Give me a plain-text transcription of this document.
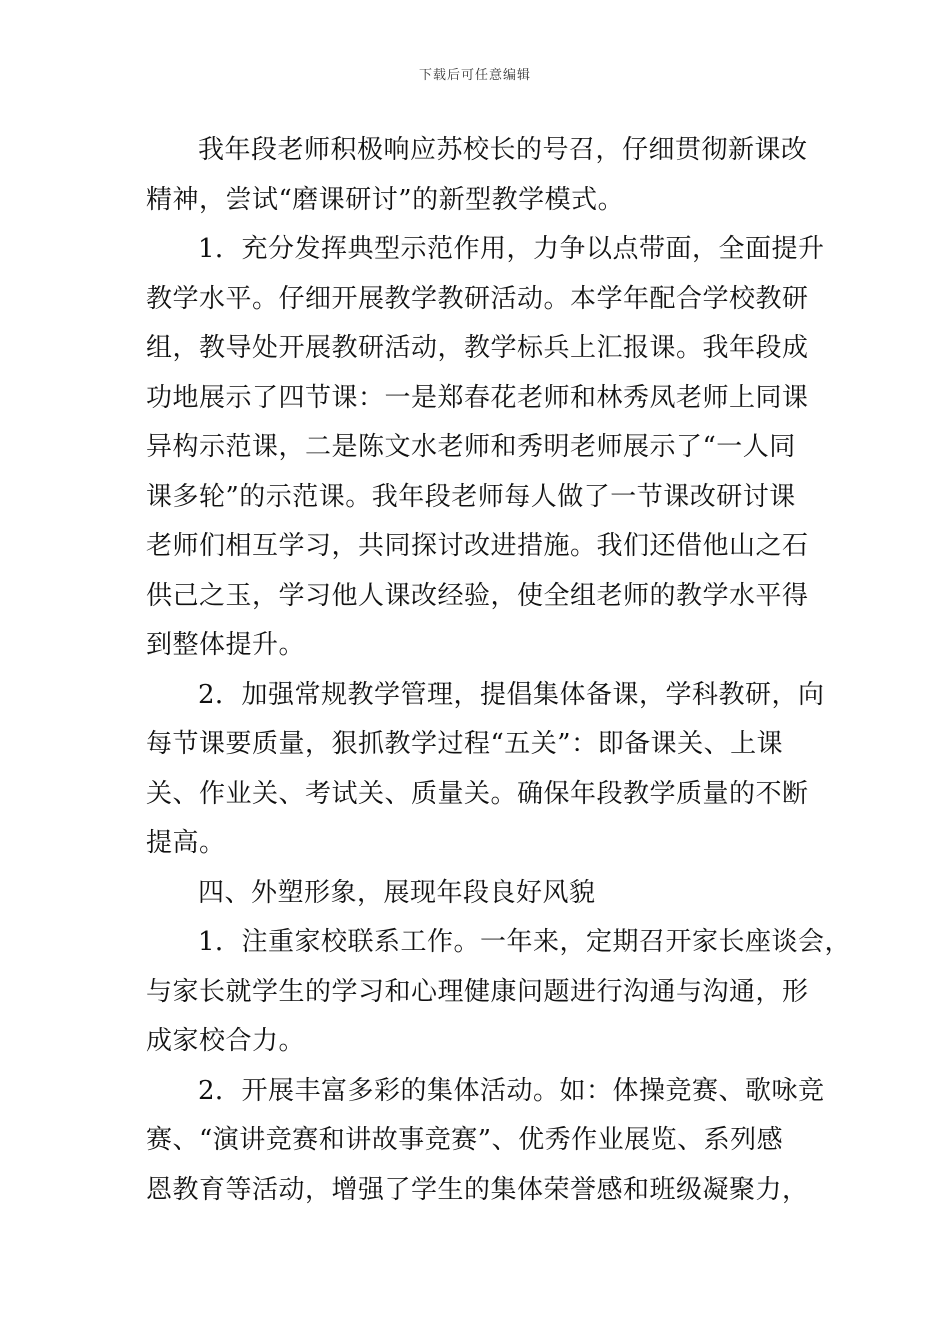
下载后可任意编辑
我年段老师积极响应苏校长的号召，仔细贯彻新课改
精神，尝试“磨课研讨”的新型教学模式。
1．充分发挥典型示范作用，力争以点带面，全面提升
教学水平。仔细开展教学教研活动。本学年配合学校教研
组，教导处开展教研活动，教学标兵上汇报课。我年段成
功地展示了四节课：一是郑春花老师和林秀凤老师上同课
异构示范课，二是陈文水老师和秀明老师展示了“一人同
课多轮”的示范课。我年段老师每人做了一节课改研讨课
老师们相互学习，共同探讨改进措施。我们还借他山之石
供己之玉，学习他人课改经验，使全组老师的教学水平得
到整体提升。
2．加强常规教学管理，提倡集体备课，学科教研，向
每节课要质量，狠抓教学过程“五关”：即备课关、上课
关、作业关、考试关、质量关。确保年段教学质量的不断
提高。
四、外塑形象，展现年段良好风貌
1．注重家校联系工作。一年来，定期召开家长座谈会，
与家长就学生的学习和心理健康问题进行沟通与沟通，形
成家校合力。
2．开展丰富多彩的集体活动。如：体操竞赛、歌咏竞
赛、“演讲竞赛和讲故事竞赛”、优秀作业展览、系列感
恩教育等活动，增强了学生的集体荣誉感和班级凝聚力，
